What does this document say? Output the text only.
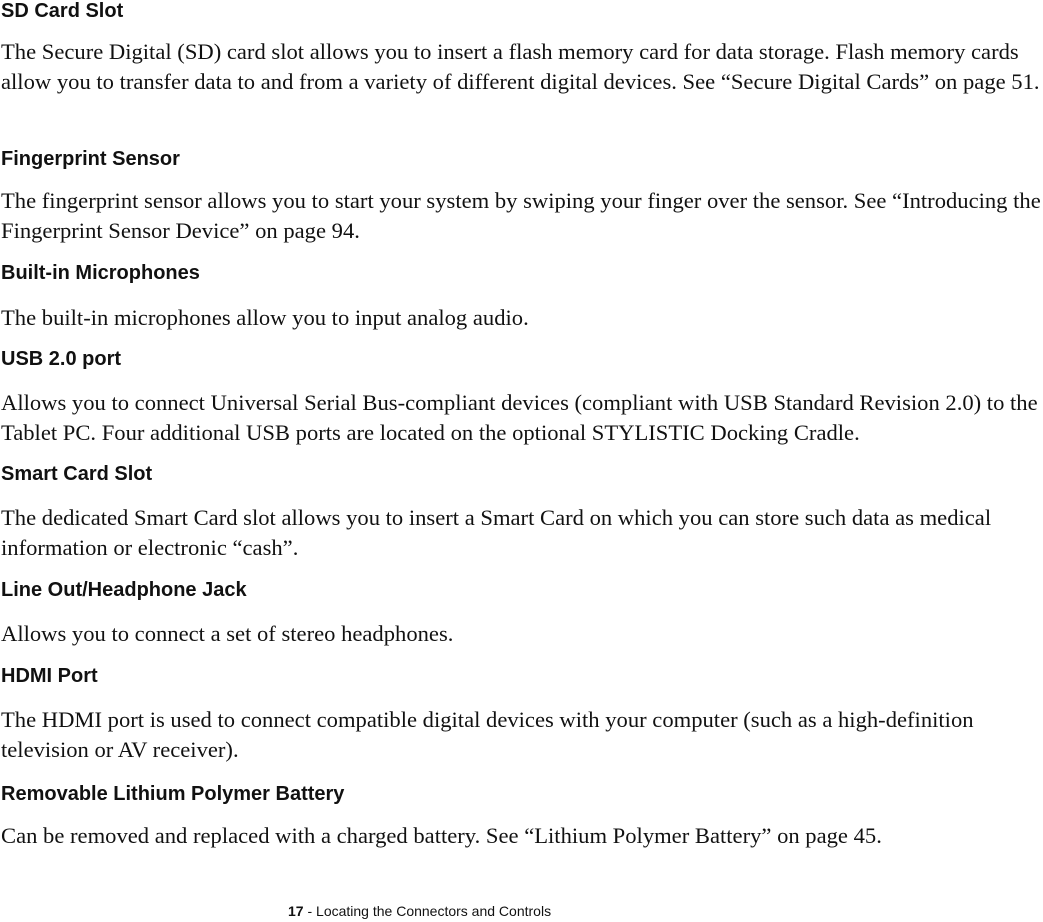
SD Card Slot

The Secure Digital (SD) card slot allows you to insert a flash memory card for data storage. Flash memory cards allow you to transfer data to and from a variety of different digital devices. See “Secure Digital Cards” on page 51.

Fingerprint Sensor

The fingerprint sensor allows you to start your system by swiping your finger over the sensor. See “Introducing the Fingerprint Sensor Device” on page 94.

Built-in Microphones

The built-in microphones allow you to input analog audio.

USB 2.0 port

Allows you to connect Universal Serial Bus-compliant devices (compliant with USB Standard Revision 2.0) to the Tablet PC. Four additional USB ports are located on the optional STYLISTIC Docking Cradle.

Smart Card Slot

The dedicated Smart Card slot allows you to insert a Smart Card on which you can store such data as medical information or electronic “cash”.

Line Out/Headphone Jack

Allows you to connect a set of stereo headphones.

HDMI Port

The HDMI port is used to connect compatible digital devices with your computer (such as a high-definition television or AV receiver).

Removable Lithium Polymer Battery

Can be removed and replaced with a charged battery. See “Lithium Polymer Battery” on page 45.

17 - Locating the Connectors and Controls
